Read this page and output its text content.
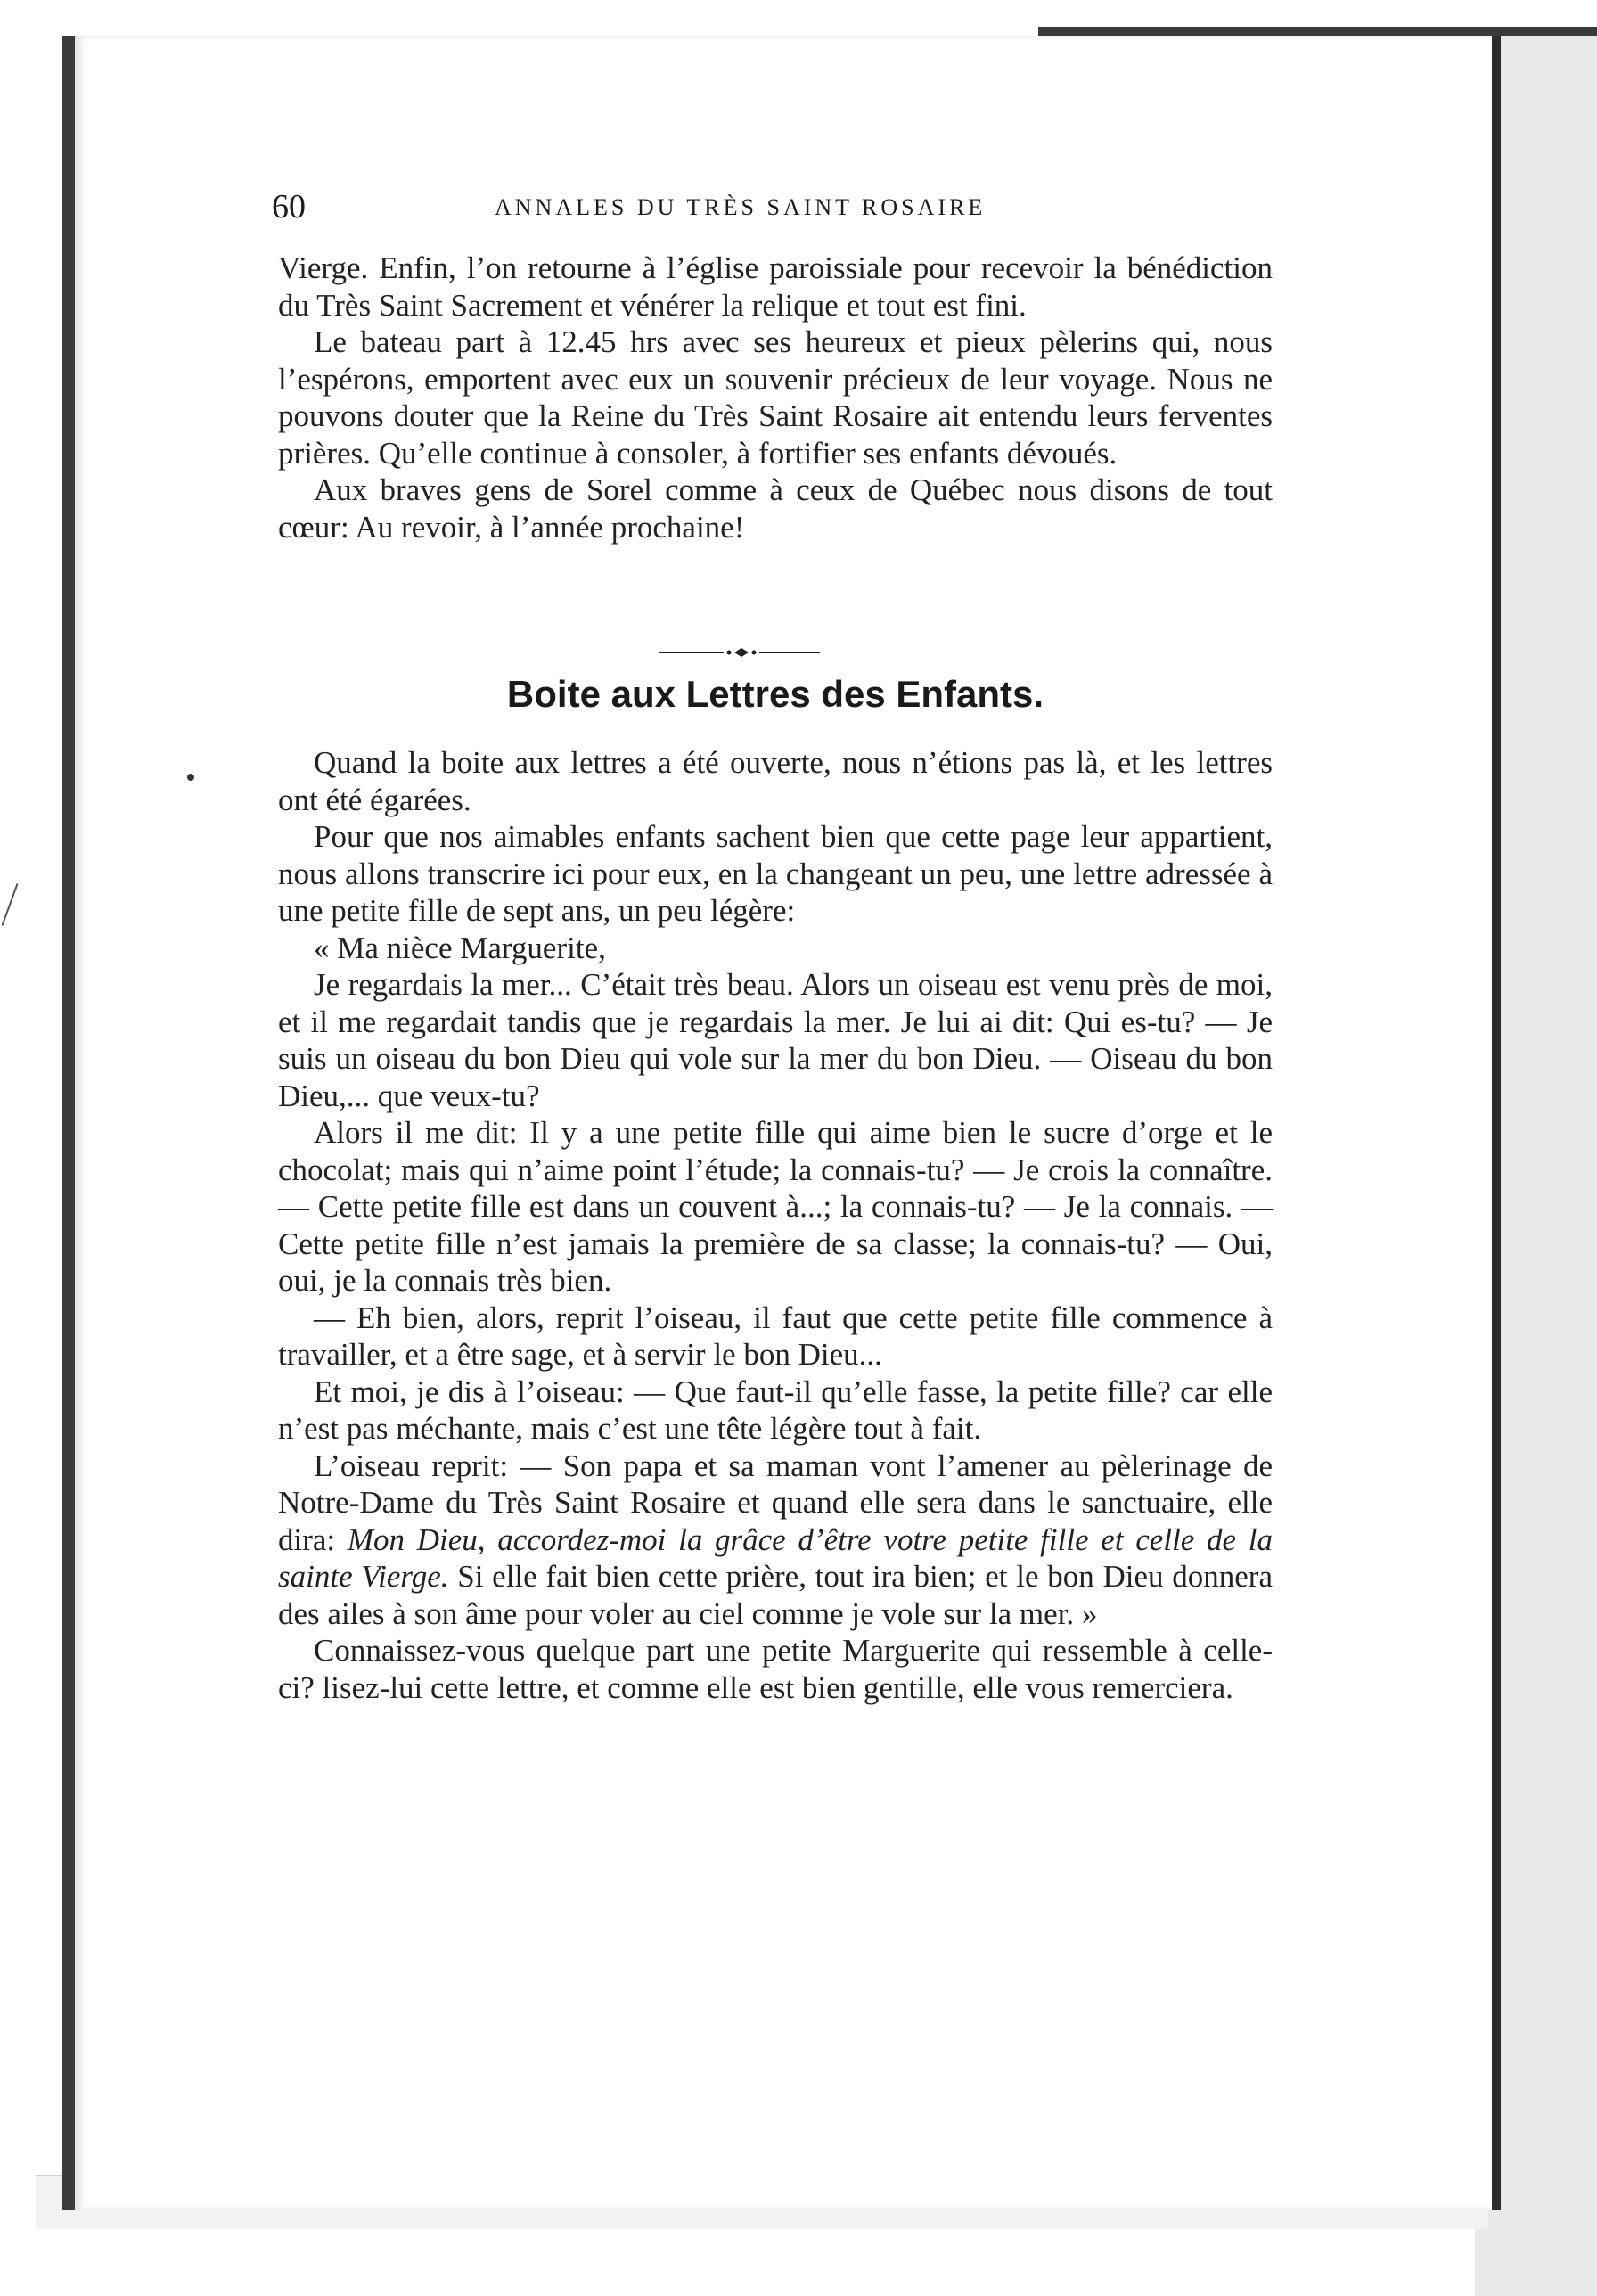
60	ANNALES DU TRÈS SAINT ROSAIRE

Vierge. Enfin, l’on retourne à l’église paroissiale pour recevoir la bénédiction du Très Saint Sacrement et vénérer la relique et tout est fini.

Le bateau part à 12.45 hrs avec ses heureux et pieux pèlerins qui, nous l’espérons, emportent avec eux un souvenir précieux de leur voyage. Nous ne pouvons douter que la Reine du Très Saint Rosaire ait entendu leurs ferventes prières. Qu’elle continue à consoler, à fortifier ses enfants dévoués.

Aux braves gens de Sorel comme à ceux de Québec nous disons de tout cœur: Au revoir, à l’année prochaine!

Boite aux Lettres des Enfants.

Quand la boite aux lettres a été ouverte, nous n’étions pas là, et les lettres ont été égarées.

Pour que nos aimables enfants sachent bien que cette page leur appartient, nous allons transcrire ici pour eux, en la changeant un peu, une lettre adressée à une petite fille de sept ans, un peu légère:

« Ma nièce Marguerite,

Je regardais la mer... C’était très beau. Alors un oiseau est venu près de moi, et il me regardait tandis que je regardais la mer. Je lui ai dit: Qui es-tu? — Je suis un oiseau du bon Dieu qui vole sur la mer du bon Dieu. — Oiseau du bon Dieu,... que veux-tu?

Alors il me dit: Il y a une petite fille qui aime bien le sucre d’orge et le chocolat; mais qui n’aime point l’étude; la connais-tu? — Je crois la connaître. — Cette petite fille est dans un couvent à...; la connais-tu? — Je la connais. — Cette petite fille n’est jamais la première de sa classe; la connais-tu? — Oui, oui, je la connais très bien.

— Eh bien, alors, reprit l’oiseau, il faut que cette petite fille commence à travailler, et a être sage, et à servir le bon Dieu...

Et moi, je dis à l’oiseau: — Que faut-il qu’elle fasse, la petite fille? car elle n’est pas méchante, mais c’est une tête légère tout à fait.

L’oiseau reprit: — Son papa et sa maman vont l’amener au pèlerinage de Notre-Dame du Très Saint Rosaire et quand elle sera dans le sanctuaire, elle dira: Mon Dieu, accordez-moi la grâce d’être votre petite fille et celle de la sainte Vierge. Si elle fait bien cette prière, tout ira bien; et le bon Dieu donnera des ailes à son âme pour voler au ciel comme je vole sur la mer. »

Connaissez-vous quelque part une petite Marguerite qui ressemble à celle-ci? lisez-lui cette lettre, et comme elle est bien gentille, elle vous remerciera.
